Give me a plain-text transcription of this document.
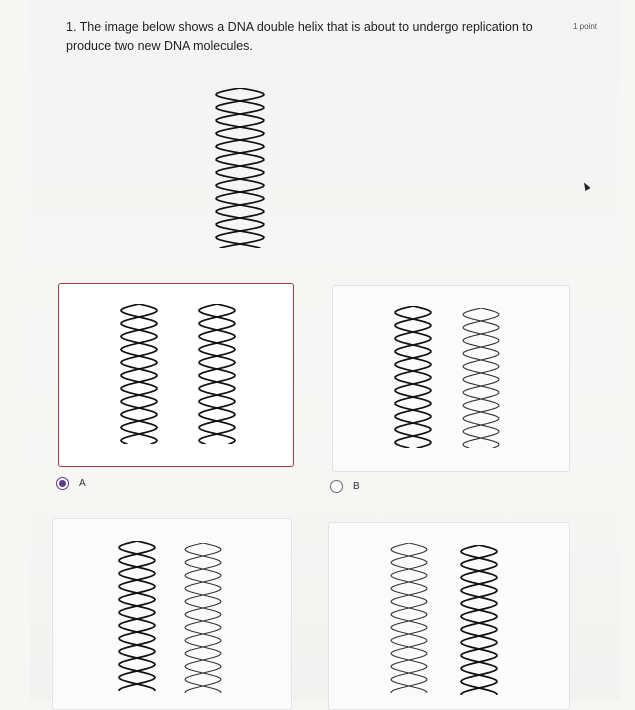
1. The image below shows a DNA double helix that is about to undergo replication to produce two new DNA molecules.
1 point
A	B
